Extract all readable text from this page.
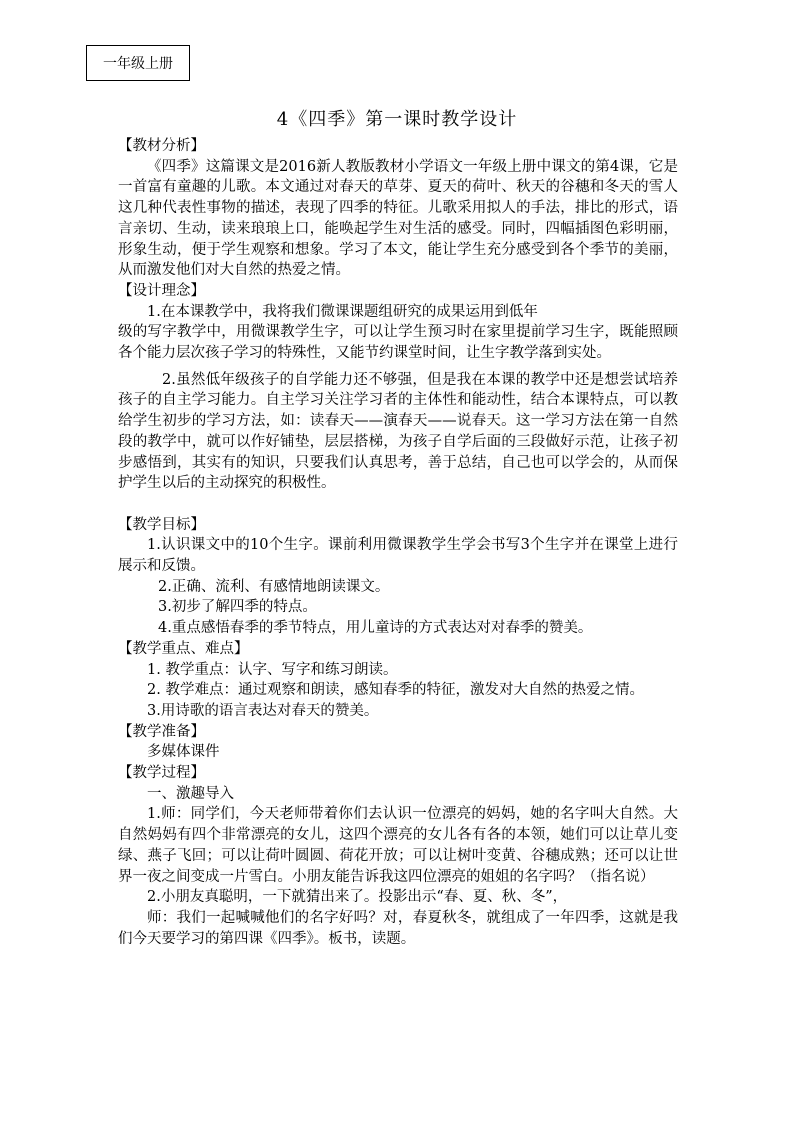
一年级上册
4《四季》第一课时教学设计

【教材分析】

《四季》这篇课文是2016新人教版教材小学语文一年级上册中课文的第4课，它是一首富有童趣的儿歌。本文通过对春天的草芽、夏天的荷叶、秋天的谷穗和冬天的雪人这几种代表性事物的描述，表现了四季的特征。儿歌采用拟人的手法，排比的形式，语言亲切、生动，读来琅琅上口，能唤起学生对生活的感受。同时，四幅插图色彩明丽，形象生动，便于学生观察和想象。学习了本文，能让学生充分感受到各个季节的美丽，从而激发他们对大自然的热爱之情。

【设计理念】

1.在本课教学中，我将我们微课课题组研究的成果运用到低年

级的写字教学中，用微课教学生字，可以让学生预习时在家里提前学习生字，既能照顾各个能力层次孩子学习的特殊性，又能节约课堂时间，让生字教学落到实处。

2.虽然低年级孩子的自学能力还不够强，但是我在本课的教学中还是想尝试培养孩子的自主学习能力。自主学习关注学习者的主体性和能动性，结合本课特点，可以教给学生初步的学习方法，如：读春天——演春天——说春天。这一学习方法在第一自然段的教学中，就可以作好铺垫，层层搭梯，为孩子自学后面的三段做好示范，让孩子初步感悟到，其实有的知识，只要我们认真思考，善于总结，自己也可以学会的，从而保护学生以后的主动探究的积极性。

【教学目标】

1.认识课文中的10个生字。课前利用微课教学生学会书写3个生字并在课堂上进行展示和反馈。

2.正确、流利、有感情地朗读课文。

3.初步了解四季的特点。

4.重点感悟春季的季节特点，用儿童诗的方式表达对对春季的赞美。

【教学重点、难点】

1. 教学重点：认字、写字和练习朗读。

2. 教学难点：通过观察和朗读，感知春季的特征，激发对大自然的热爱之情。

3.用诗歌的语言表达对春天的赞美。

【教学准备】

多媒体课件

【教学过程】

一、激趣导入

1.师：同学们，今天老师带着你们去认识一位漂亮的妈妈，她的名字叫大自然。大自然妈妈有四个非常漂亮的女儿，这四个漂亮的女儿各有各的本领，她们可以让草儿变绿、燕子飞回；可以让荷叶圆圆、荷花开放；可以让树叶变黄、谷穗成熟；还可以让世界一夜之间变成一片雪白。小朋友能告诉我这四位漂亮的姐姐的名字吗？（指名说）

2.小朋友真聪明，一下就猜出来了。投影出示“春、夏、秋、冬”，

师：我们一起喊喊他们的名字好吗？对，春夏秋冬，就组成了一年四季，这就是我们今天要学习的第四课《四季》。板书，读题。
